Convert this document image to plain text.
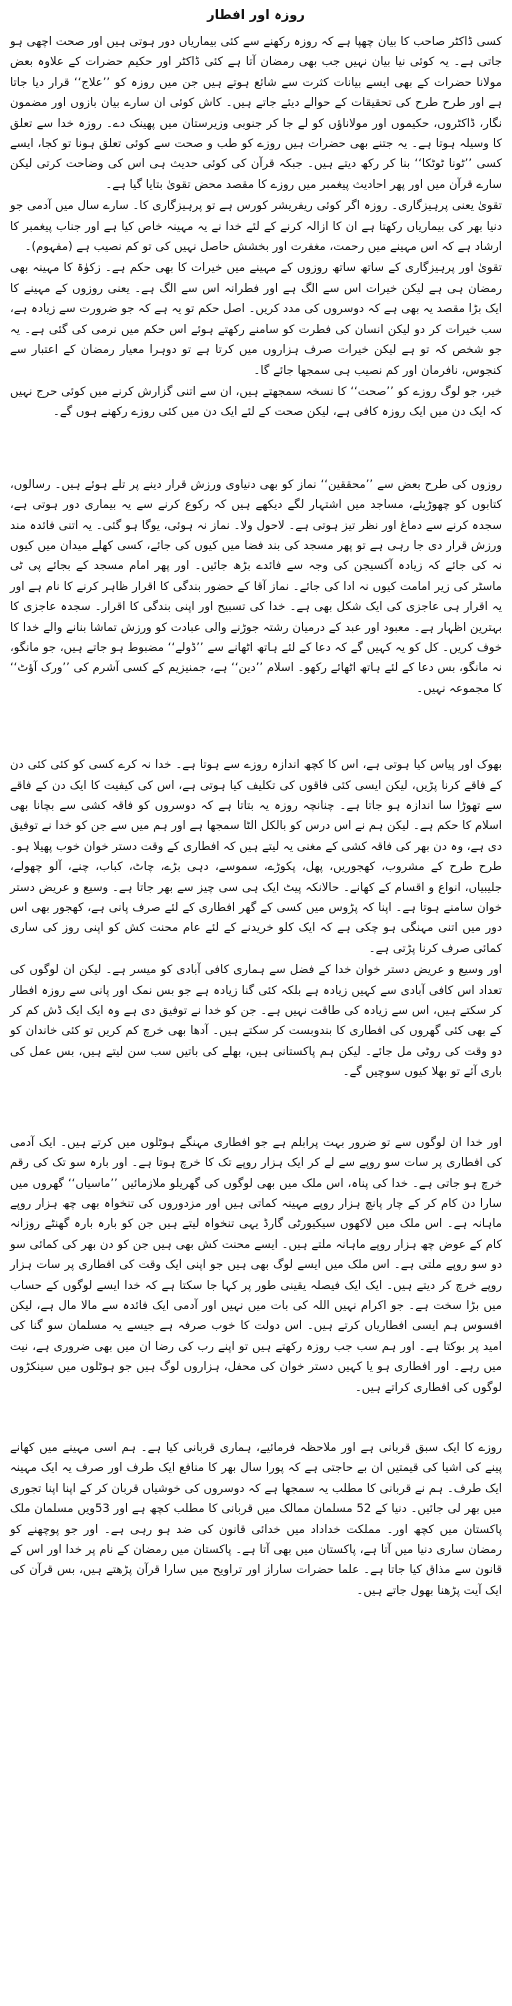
روزہ اور افطار

کسی ڈاکٹر صاحب کا بیان چھپا ہے کہ روزہ رکھنے سے کئی بیماریاں دور ہوتی ہیں اور صحت اچھی ہو جاتی ہے۔ یہ کوئی نیا بیان نہیں جب بھی رمضان آتا ہے کئی ڈاکٹر اور حکیم حضرات کے علاوہ بعض مولانا حضرات کے بھی ایسے بیانات کثرت سے شائع ہوتے ہیں جن میں روزہ کو ’’علاج‘‘ قرار دیا جاتا ہے اور طرح طرح کی تحقیقات کے حوالے دیئے جاتے ہیں۔ کاش کوئی ان سارے بیان بازوں اور مضمون نگار، ڈاکٹروں، حکیموں اور مولاناؤں کو لے جا کر جنوبی وزیرستان میں پھینک دے۔ روزہ خدا سے تعلق کا وسیلہ ہوتا ہے۔ یہ جتنے بھی حضرات ہیں روزے کو طب و صحت سے کوئی تعلق ہونا تو کجا، ایسے کسی ’’ٹونا ٹوٹکا‘‘ بنا کر رکھ دیتے ہیں۔ جبکہ قرآن کی کوئی حدیث ہی اس کی وضاحت کرتی لیکن سارے قرآن میں اور پھر احادیث پیغمبر میں روزے کا مقصد محض تقویٰ بتایا گیا ہے۔

تقویٰ یعنی پرہیزگاری۔ روزہ اگر کوئی ریفریشر کورس ہے تو پرہیزگاری کا۔ سارے سال میں آدمی جو دنیا بھر کی بیماریاں رکھتا ہے ان کا ازالہ کرنے کے لئے خدا نے یہ مہینہ خاص کیا ہے اور جناب پیغمبر کا ارشاد ہے کہ اس مہینے میں رحمت، مغفرت اور بخشش حاصل نہیں کی تو کم نصیب ہے (مفہوم)۔

تقویٰ اور پرہیزگاری کے ساتھ ساتھ روزوں کے مہینے میں خیرات کا بھی حکم ہے۔ زکوٰۃ کا مہینہ بھی رمضان ہی ہے لیکن خیرات اس سے الگ ہے اور فطرانہ اس سے الگ ہے۔ یعنی روزوں کے مہینے کا ایک بڑا مقصد یہ بھی ہے کہ دوسروں کی مدد کریں۔ اصل حکم تو یہ ہے کہ جو ضرورت سے زیادہ ہے، سب خیرات کر دو لیکن انسان کی فطرت کو سامنے رکھتے ہوئے اس حکم میں نرمی کی گئی ہے۔ یہ جو شخص کہ تو ہے لیکن خیرات صرف ہزاروں میں کرتا ہے تو دوہرا معیار رمضان کے اعتبار سے کنجوس، نافرمان اور کم نصیب ہی سمجھا جائے گا۔

خیر، جو لوگ روزے کو ’’صحت‘‘ کا نسخہ سمجھتے ہیں، ان سے اتنی گزارش کرنے میں کوئی حرج نہیں کہ ایک دن میں ایک روزہ کافی ہے، لیکن صحت کے لئے ایک دن میں کئی روزے رکھنے ہوں گے۔

روزوں کی طرح بعض سے ’’محققین‘‘ نماز کو بھی دنیاوی ورزش قرار دینے پر تلے ہوئے ہیں۔ رسالوں، کتابوں کو چھوڑیئے، مساجد میں اشتہار لگے دیکھے ہیں کہ رکوع کرنے سے یہ بیماری دور ہوتی ہے، سجدہ کرنے سے دماغ اور نظر تیز ہوتی ہے۔ لاحول ولا۔ نماز نہ ہوئی، یوگا ہو گئی۔ یہ اتنی فائدہ مند ورزش قرار دی جا رہی ہے تو پھر مسجد کی بند فضا میں کیوں کی جائے، کسی کھلے میدان میں کیوں نہ کی جائے کہ زیادہ آکسیجن کی وجہ سے فائدے بڑھ جائیں۔ اور پھر امام مسجد کے بجائے پی ٹی ماسٹر کی زیر امامت کیوں نہ ادا کی جائے۔ نماز آقا کے حضور بندگی کا اقرار ظاہر کرنے کا نام ہے اور یہ اقرار ہی عاجزی کی ایک شکل بھی ہے۔ خدا کی تسبیح اور اپنی بندگی کا اقرار۔ سجدہ عاجزی کا بہترین اظہار ہے۔ معبود اور عبد کے درمیان رشتہ جوڑنے والی عبادت کو ورزش تماشا بنانے والے خدا کا خوف کریں۔ کل کو یہ کہیں گے کہ دعا کے لئے ہاتھ اٹھانے سے ’’ڈولے‘‘ مضبوط ہو جاتے ہیں، جو مانگو، نہ مانگو، بس دعا کے لئے ہاتھ اٹھائے رکھو۔ اسلام ’’دین‘‘ ہے، جمنیزیم کے کسی آشرم کی ’’ورک آؤٹ‘‘ کا مجموعہ نہیں۔

بھوک اور پیاس کیا ہوتی ہے، اس کا کچھ اندازہ روزے سے ہوتا ہے۔ خدا نہ کرے کسی کو کئی کئی دن کے فاقے کرنا پڑیں، لیکن ایسی کئی فاقوں کی تکلیف کیا ہوتی ہے، اس کی کیفیت کا ایک دن کے فاقے سے تھوڑا سا اندازہ ہو جاتا ہے۔ چنانچہ روزہ یہ بتاتا ہے کہ دوسروں کو فاقہ کشی سے بچانا بھی اسلام کا حکم ہے۔ لیکن ہم نے اس درس کو بالکل الٹا سمجھا ہے اور ہم میں سے جن کو خدا نے توفیق دی ہے، وہ دن بھر کی فاقہ کشی کے مغنی یہ لیتے ہیں کہ افطاری کے وقت دستر خوان خوب پھیلا ہو۔ طرح طرح کے مشروب، کھجوریں، پھل، پکوڑے، سموسے، دہی بڑے، چاٹ، کباب، چنے، آلو چھولے، جلیبیاں، انواع و اقسام کے کھانے۔ حالانکہ پیٹ ایک ہی سی چیز سے بھر جاتا ہے۔ وسیع و عریض دستر خوان سامنے ہوتا ہے۔ اپنا کہ پڑوس میں کسی کے گھر افطاری کے لئے صرف پانی ہے، کھجور بھی اس دور میں اتنی مہنگی ہو چکی ہے کہ ایک کلو خریدنے کے لئے عام محنت کش کو اپنی روز کی ساری کمائی صرف کرنا پڑتی ہے۔

اور وسیع و عریض دستر خوان خدا کے فضل سے ہماری کافی آبادی کو میسر ہے۔ لیکن ان لوگوں کی تعداد اس کافی آبادی سے کہیں زیادہ ہے بلکہ کئی گنا زیادہ ہے جو بس نمک اور پانی سے روزہ افطار کر سکتے ہیں، اس سے زیادہ کی طاقت نہیں ہے۔ جن کو خدا نے توفیق دی ہے وہ ایک ایک ڈش کم کر کے بھی کئی گھروں کی افطاری کا بندوبست کر سکتے ہیں۔ آدھا بھی خرچ کم کریں تو کئی خاندان کو دو وقت کی روٹی مل جائے۔ لیکن ہم پاکستانی ہیں، بھلے کی باتیں سب سن لیتے ہیں، بس عمل کی باری آئے تو بھلا کیوں سوچیں گے۔

اور خدا ان لوگوں سے تو ضرور بہت پرابلم ہے جو افطاری مہنگے ہوٹلوں میں کرتے ہیں۔ ایک آدمی کی افطاری پر سات سو روپے سے لے کر ایک ہزار روپے تک کا خرچ ہوتا ہے۔ اور بارہ سو تک کی رقم خرچ ہو جاتی ہے۔ خدا کی پناہ، اس ملک میں بھی لوگوں کی گھریلو ملازمائیں ’’ماسیاں‘‘ گھروں میں سارا دن کام کر کے چار پانچ ہزار روپے مہینہ کماتی ہیں اور مزدوروں کی تنخواہ بھی چھ ہزار روپے ماہانہ ہے۔ اس ملک میں لاکھوں سیکیورٹی گارڈ یہی تنخواہ لیتے ہیں جن کو بارہ بارہ گھنٹے روزانہ کام کے عوض چھ ہزار روپے ماہانہ ملتے ہیں۔ ایسے محنت کش بھی ہیں جن کو دن بھر کی کمائی سو دو سو روپے ملتی ہے۔ اس ملک میں ایسے لوگ بھی ہیں جو اپنی ایک وقت کی افطاری پر سات ہزار روپے خرچ کر دیتے ہیں۔ ایک ایک فیصلہ یقینی طور پر کہا جا سکتا ہے کہ خدا ایسے لوگوں کے حساب میں بڑا سخت ہے۔ جو اکرام نہیں اللہ کی بات میں نہیں اور آدمی ایک فائدہ سے مالا مال ہے، لیکن افسوس ہم ایسی افطاریاں کرتے ہیں۔ اس دولت کا خوب صرفہ ہے جیسے یہ مسلمان سو گنا کی امید پر بوکتا ہے۔ اور ہم سب جب روزہ رکھتے ہیں تو اپنے رب کی رضا ان میں بھی ضروری ہے، نیت میں رہے۔ اور افطاری ہو یا کہیں دستر خوان کی محفل، ہزاروں لوگ ہیں جو ہوٹلوں میں سینکڑوں لوگوں کی افطاری کراتے ہیں۔

روزے کا ایک سبق قربانی ہے اور ملاحظہ فرمائیے، ہماری قربانی کیا ہے۔ ہم اسی مہینے میں کھانے پینے کی اشیا کی قیمتیں ان بے حاجتی ہے کہ پورا سال بھر کا منافع ایک طرف اور صرف یہ ایک مہینہ ایک طرف۔ ہم نے قربانی کا مطلب یہ سمجھا ہے کہ دوسروں کی خوشیاں قربان کر کے اپنا اپنا تجوری میں بھر لی جائیں۔ دنیا کے 52 مسلمان ممالک میں قربانی کا مطلب کچھ ہے اور 53ویں مسلمان ملک پاکستان میں کچھ اور۔ مملکت خداداد میں خدائی قانون کی ضد ہو رہی ہے۔ اور جو پوچھنے کو رمضان ساری دنیا میں آتا ہے، پاکستان میں بھی آتا ہے۔ پاکستان میں رمضان کے نام پر خدا اور اس کے قانون سے مذاق کیا جاتا ہے۔ علما حضرات ساراز اور تراویح میں سارا قرآن پڑھتے ہیں، بس قرآن کی ایک آیت پڑھنا بھول جاتے ہیں۔
